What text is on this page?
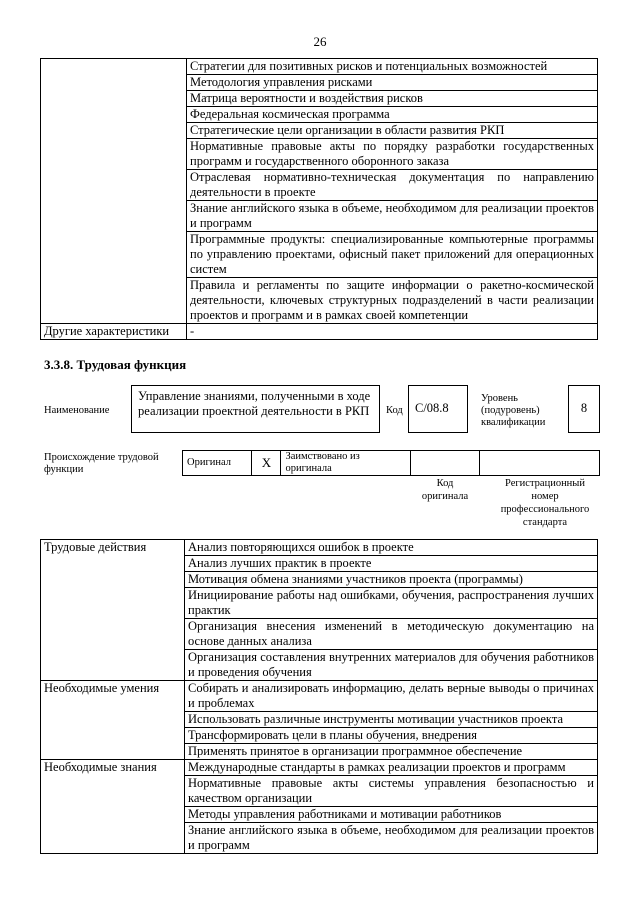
26
	Стратегии для позитивных рисков и потенциальных возможностей
	Методология управления рисками
	Матрица вероятности и воздействия рисков
	Федеральная космическая программа
	Стратегические цели организации в области развития РКП
	Нормативные правовые акты по порядку разработки государственных программ и государственного оборонного заказа
	Отраслевая нормативно-техническая документация по направлению деятельности в проекте
	Знание английского языка в объеме, необходимом для реализации проектов и программ
	Программные продукты: специализированные компьютерные программы по управлению проектами, офисный пакет приложений для операционных систем
	Правила и регламенты по защите информации о ракетно-космической деятельности, ключевых структурных подразделений в части реализации проектов и программ и в рамках своей компетенции
Другие характеристики	-
3.3.8. Трудовая функция
Наименование
Управление знаниями, полученными в ходе реализации проектной деятельности в РКП	Код C/08.8
Уровень (подуровень) квалификации
8
Происхождение трудовой функции
Оригинал	X	Заимствовано из оригинала		
Код оригинала
Регистрационный номер профессионального стандарта
Трудовые действия	Анализ повторяющихся ошибок в проекте
	Анализ лучших практик в проекте
	Мотивация обмена знаниями участников проекта (программы)
	Инициирование работы над ошибками, обучения, распространения лучших практик
	Организация внесения изменений в методическую документацию на основе данных анализа
	Организация составления внутренних материалов для обучения работников и проведения обучения
Необходимые умения	Собирать и анализировать информацию, делать верные выводы о причинах и проблемах
	Использовать различные инструменты мотивации участников проекта
	Трансформировать цели в планы обучения, внедрения
	Применять принятое в организации программное обеспечение
Необходимые знания	Международные стандарты в рамках реализации проектов и программ
	Нормативные правовые акты системы управления безопасностью и качеством организации
	Методы управления работниками и мотивации работников
	Знание английского языка в объеме, необходимом для реализации проектов и программ
